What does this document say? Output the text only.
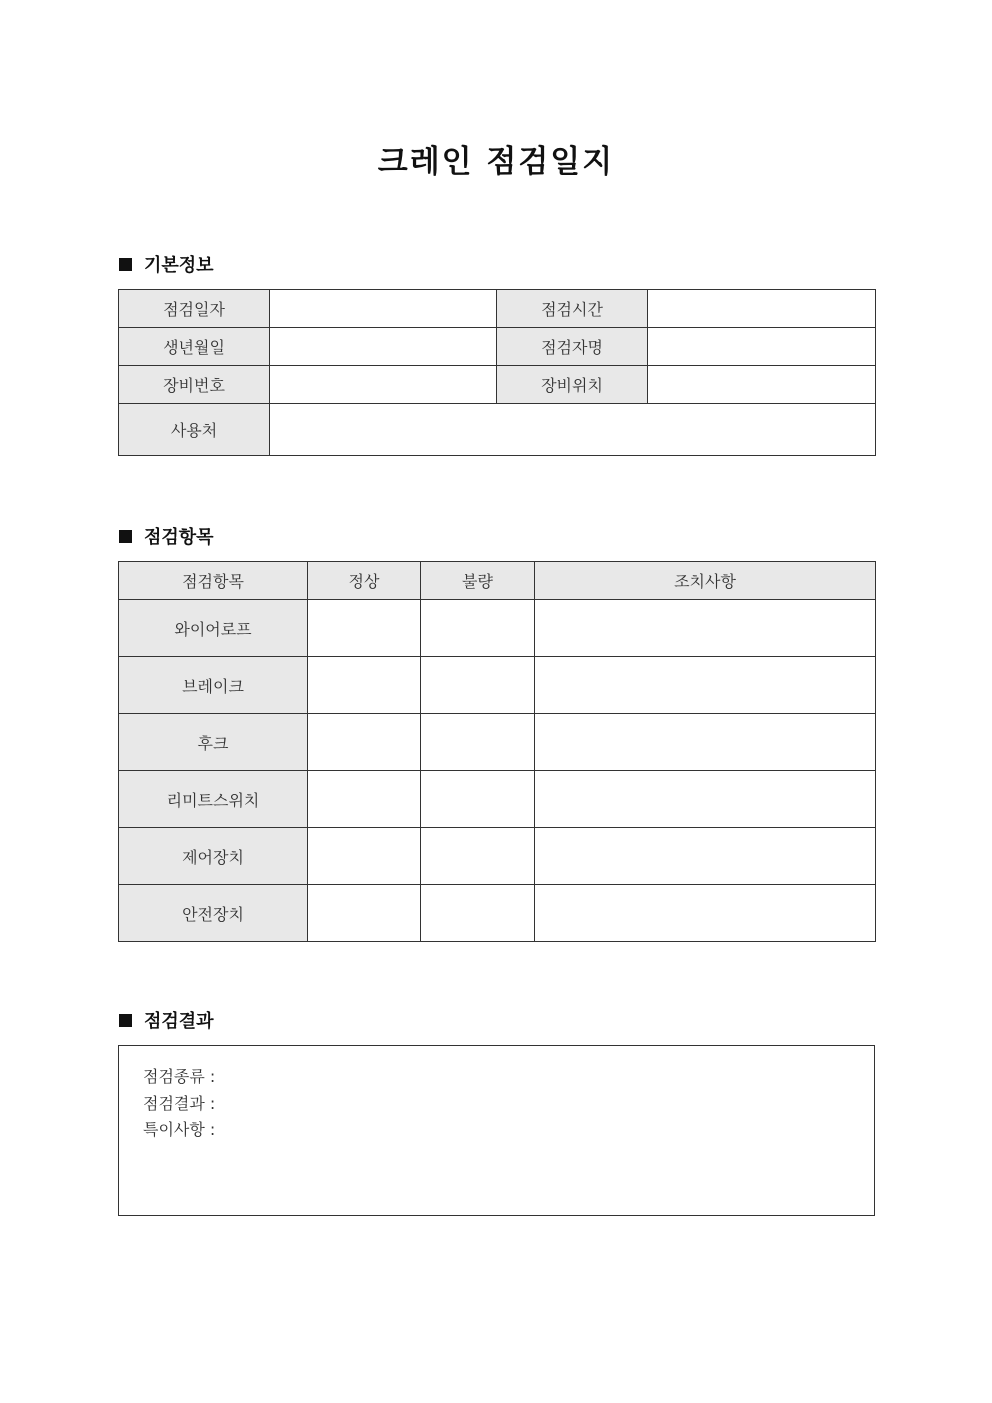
크레인 점검일지
기본정보
점검일자		점검시간	
생년월일		점검자명	
장비번호		장비위치	
사용처			
점검항목
점검항목	정상	불량	조치사항
와이어로프			
브레이크			
후크			
리미트스위치			
제어장치			
안전장치			
점검결과
점검종류 :
점검결과 :
특이사항 :
